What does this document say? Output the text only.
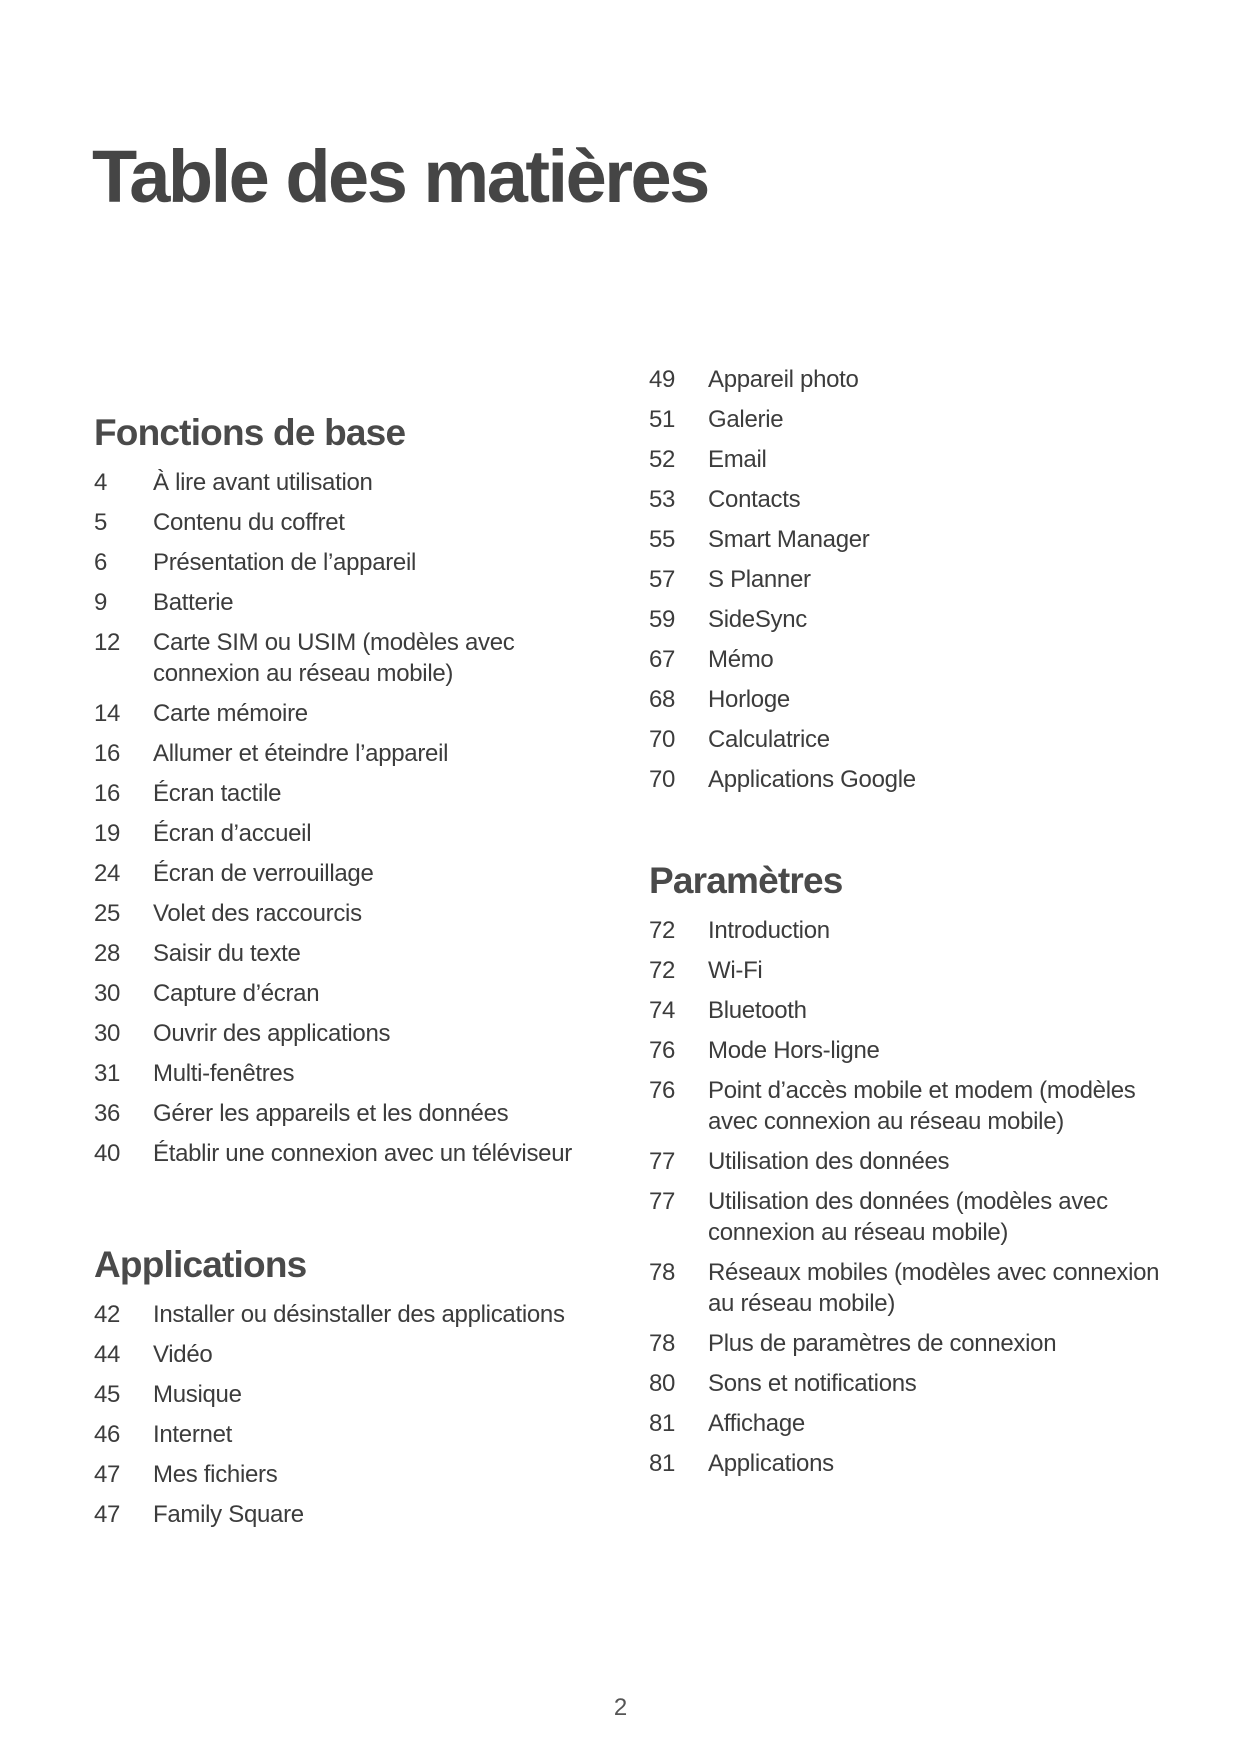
Table des matières
Fonctions de base
4	À lire avant utilisation
5	Contenu du coffret
6	Présentation de l’appareil
9	Batterie
12	Carte SIM ou USIM (modèles avec connexion au réseau mobile)
14	Carte mémoire
16	Allumer et éteindre l’appareil
16	Écran tactile
19	Écran d’accueil
24	Écran de verrouillage
25	Volet des raccourcis
28	Saisir du texte
30	Capture d’écran
30	Ouvrir des applications
31	Multi-fenêtres
36	Gérer les appareils et les données
40	Établir une connexion avec un téléviseur
Applications
42	Installer ou désinstaller des applications
44	Vidéo
45	Musique
46	Internet
47	Mes fichiers
47	Family Square
49	Appareil photo
51	Galerie
52	Email
53	Contacts
55	Smart Manager
57	S Planner
59	SideSync
67	Mémo
68	Horloge
70	Calculatrice
70	Applications Google
Paramètres
72	Introduction
72	Wi-Fi
74	Bluetooth
76	Mode Hors-ligne
76	Point d’accès mobile et modem (modèles avec connexion au réseau mobile)
77	Utilisation des données
77	Utilisation des données (modèles avec connexion au réseau mobile)
78	Réseaux mobiles (modèles avec connexion au réseau mobile)
78	Plus de paramètres de connexion
80	Sons et notifications
81	Affichage
81	Applications
2
